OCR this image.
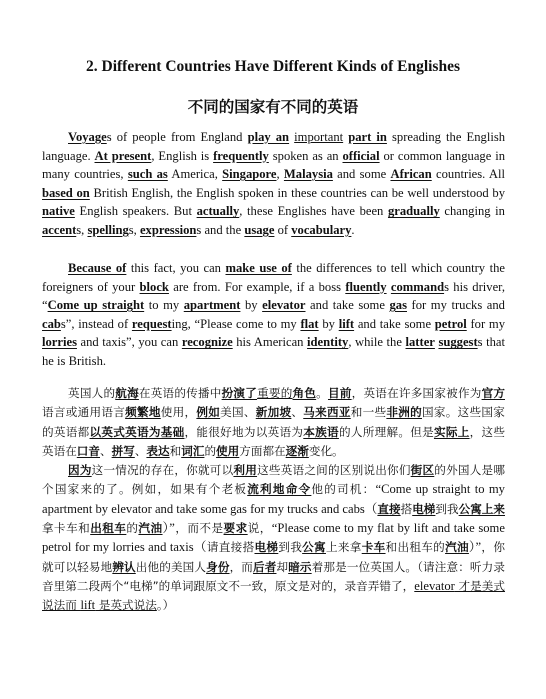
2. Different Countries Have Different Kinds of Englishes
不同的国家有不同的英语

Voyages of people from England play an important part in spreading the English language. At present, English is frequently spoken as an official or common language in many countries, such as America, Singapore, Malaysia and some African countries. All based on British English, the English spoken in these countries can be well understood by native English speakers. But actually, these Englishes have been gradually changing in accents, spellings, expressions and the usage of vocabulary.

Because of this fact, you can make use of the differences to tell which country the foreigners of your block are from. For example, if a boss fluently commands his driver, “Come up straight to my apartment by elevator and take some gas for my trucks and cabs”, instead of requesting, “Please come to my flat by lift and take some petrol for my lorries and taxis”, you can recognize his American identity, while the latter suggests that he is British.

英国人的航海在英语的传播中扮演了重要的角色。目前，英语在许多国家被作为官方语言或通用语言频繁地使用，例如美国、新加坡、马来西亚和一些非洲的国家。这些国家的英语都以英式英语为基础，能很好地为以英语为本族语的人所理解。但是实际上，这些英语在口音、拼写、表达和词汇的使用方面都在逐渐变化。

因为这一情况的存在，你就可以利用这些英语之间的区别说出你们街区的外国人是哪个国家来的了。例如，如果有个老板流利地命令他的司机：“Come up straight to my apartment by elevator and take some gas for my trucks and cabs（直接搭电梯到我公寓上来拿卡车和出租车的汽油）”，而不是要求说，“Please come to my flat by lift and take some petrol for my lorries and taxis（请直接搭电梯到我公寓上来拿卡车和出租车的汽油）”，你就可以轻易地辨认出他的美国人身份，而后者却暗示着那是一位英国人。（请注意：听力录音里第二段两个“电梯”的单词跟原文不一致，原文是对的，录音弄错了，elevator 才是美式说法而 lift 是英式说法。）
